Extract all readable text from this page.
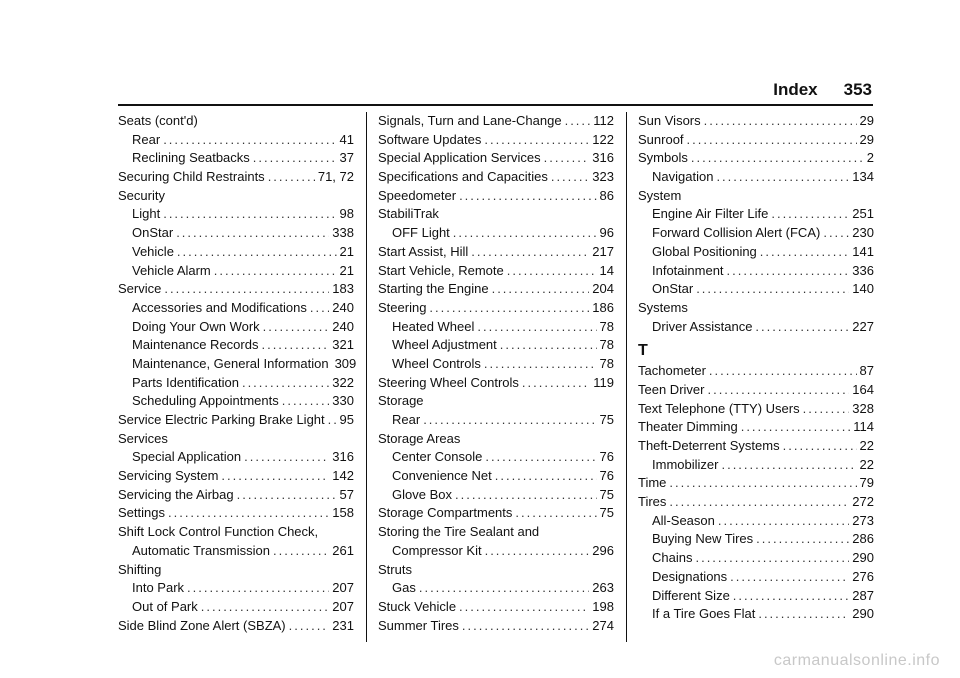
Index 353
Seats (cont'd)
Rear .....	41
Reclining Seatbacks .....	37
Securing Child Restraints .....	71, 72
Security
Light .....	98
OnStar .....	338
Vehicle .....	21
Vehicle Alarm .....	21
Service .....	183
Accessories and Modifications ..... 240
Doing Your Own Work .....	240
Maintenance Records .....	321
Maintenance, General Information 309
Parts Identification .....	322
Scheduling Appointments .....	330
Service Electric Parking Brake Light ..... 95
Services
Special Application .....	316
Servicing System .....	142
Servicing the Airbag .....	57
Settings .....	158
Shift Lock Control Function Check,
Automatic Transmission .....	261
Shifting
Into Park .....	207
Out of Park .....	207
Side Blind Zone Alert (SBZA) .....	231
Signals, Turn and Lane-Change ..... 112
Software Updates .....	122
Special Application Services .....	316
Specifications and Capacities .....	323
Speedometer .....	86
StabiliTrak
OFF Light .....	96
Start Assist, Hill .....	217
Start Vehicle, Remote .....	14
Starting the Engine .....	204
Steering .....	186
Heated Wheel .....	78
Wheel Adjustment .....	78
Wheel Controls .....	78
Steering Wheel Controls .....	119
Storage
Rear .....	75
Storage Areas
Center Console .....	76
Convenience Net .....	76
Glove Box .....	75
Storage Compartments .....	75
Storing the Tire Sealant and
Compressor Kit .....	296
Struts
Gas .....	263
Stuck Vehicle .....	198
Summer Tires .....	274
Sun Visors .....	29
Sunroof .....	29
Symbols .....	2
Navigation .....	134
System
Engine Air Filter Life .....	251
Forward Collision Alert (FCA) ..... 230
Global Positioning .....	141
Infotainment .....	336
OnStar .....	140
Systems
Driver Assistance .....	227
T
Tachometer .....	87
Teen Driver .....	164
Text Telephone (TTY) Users .....	328
Theater Dimming .....	114
Theft-Deterrent Systems .....	22
Immobilizer .....	22
Time .....	79
Tires .....	272
All-Season .....	273
Buying New Tires .....	286
Chains .....	290
Designations .....	276
Different Size .....	287
If a Tire Goes Flat .....	290
carmanualsonline.info
